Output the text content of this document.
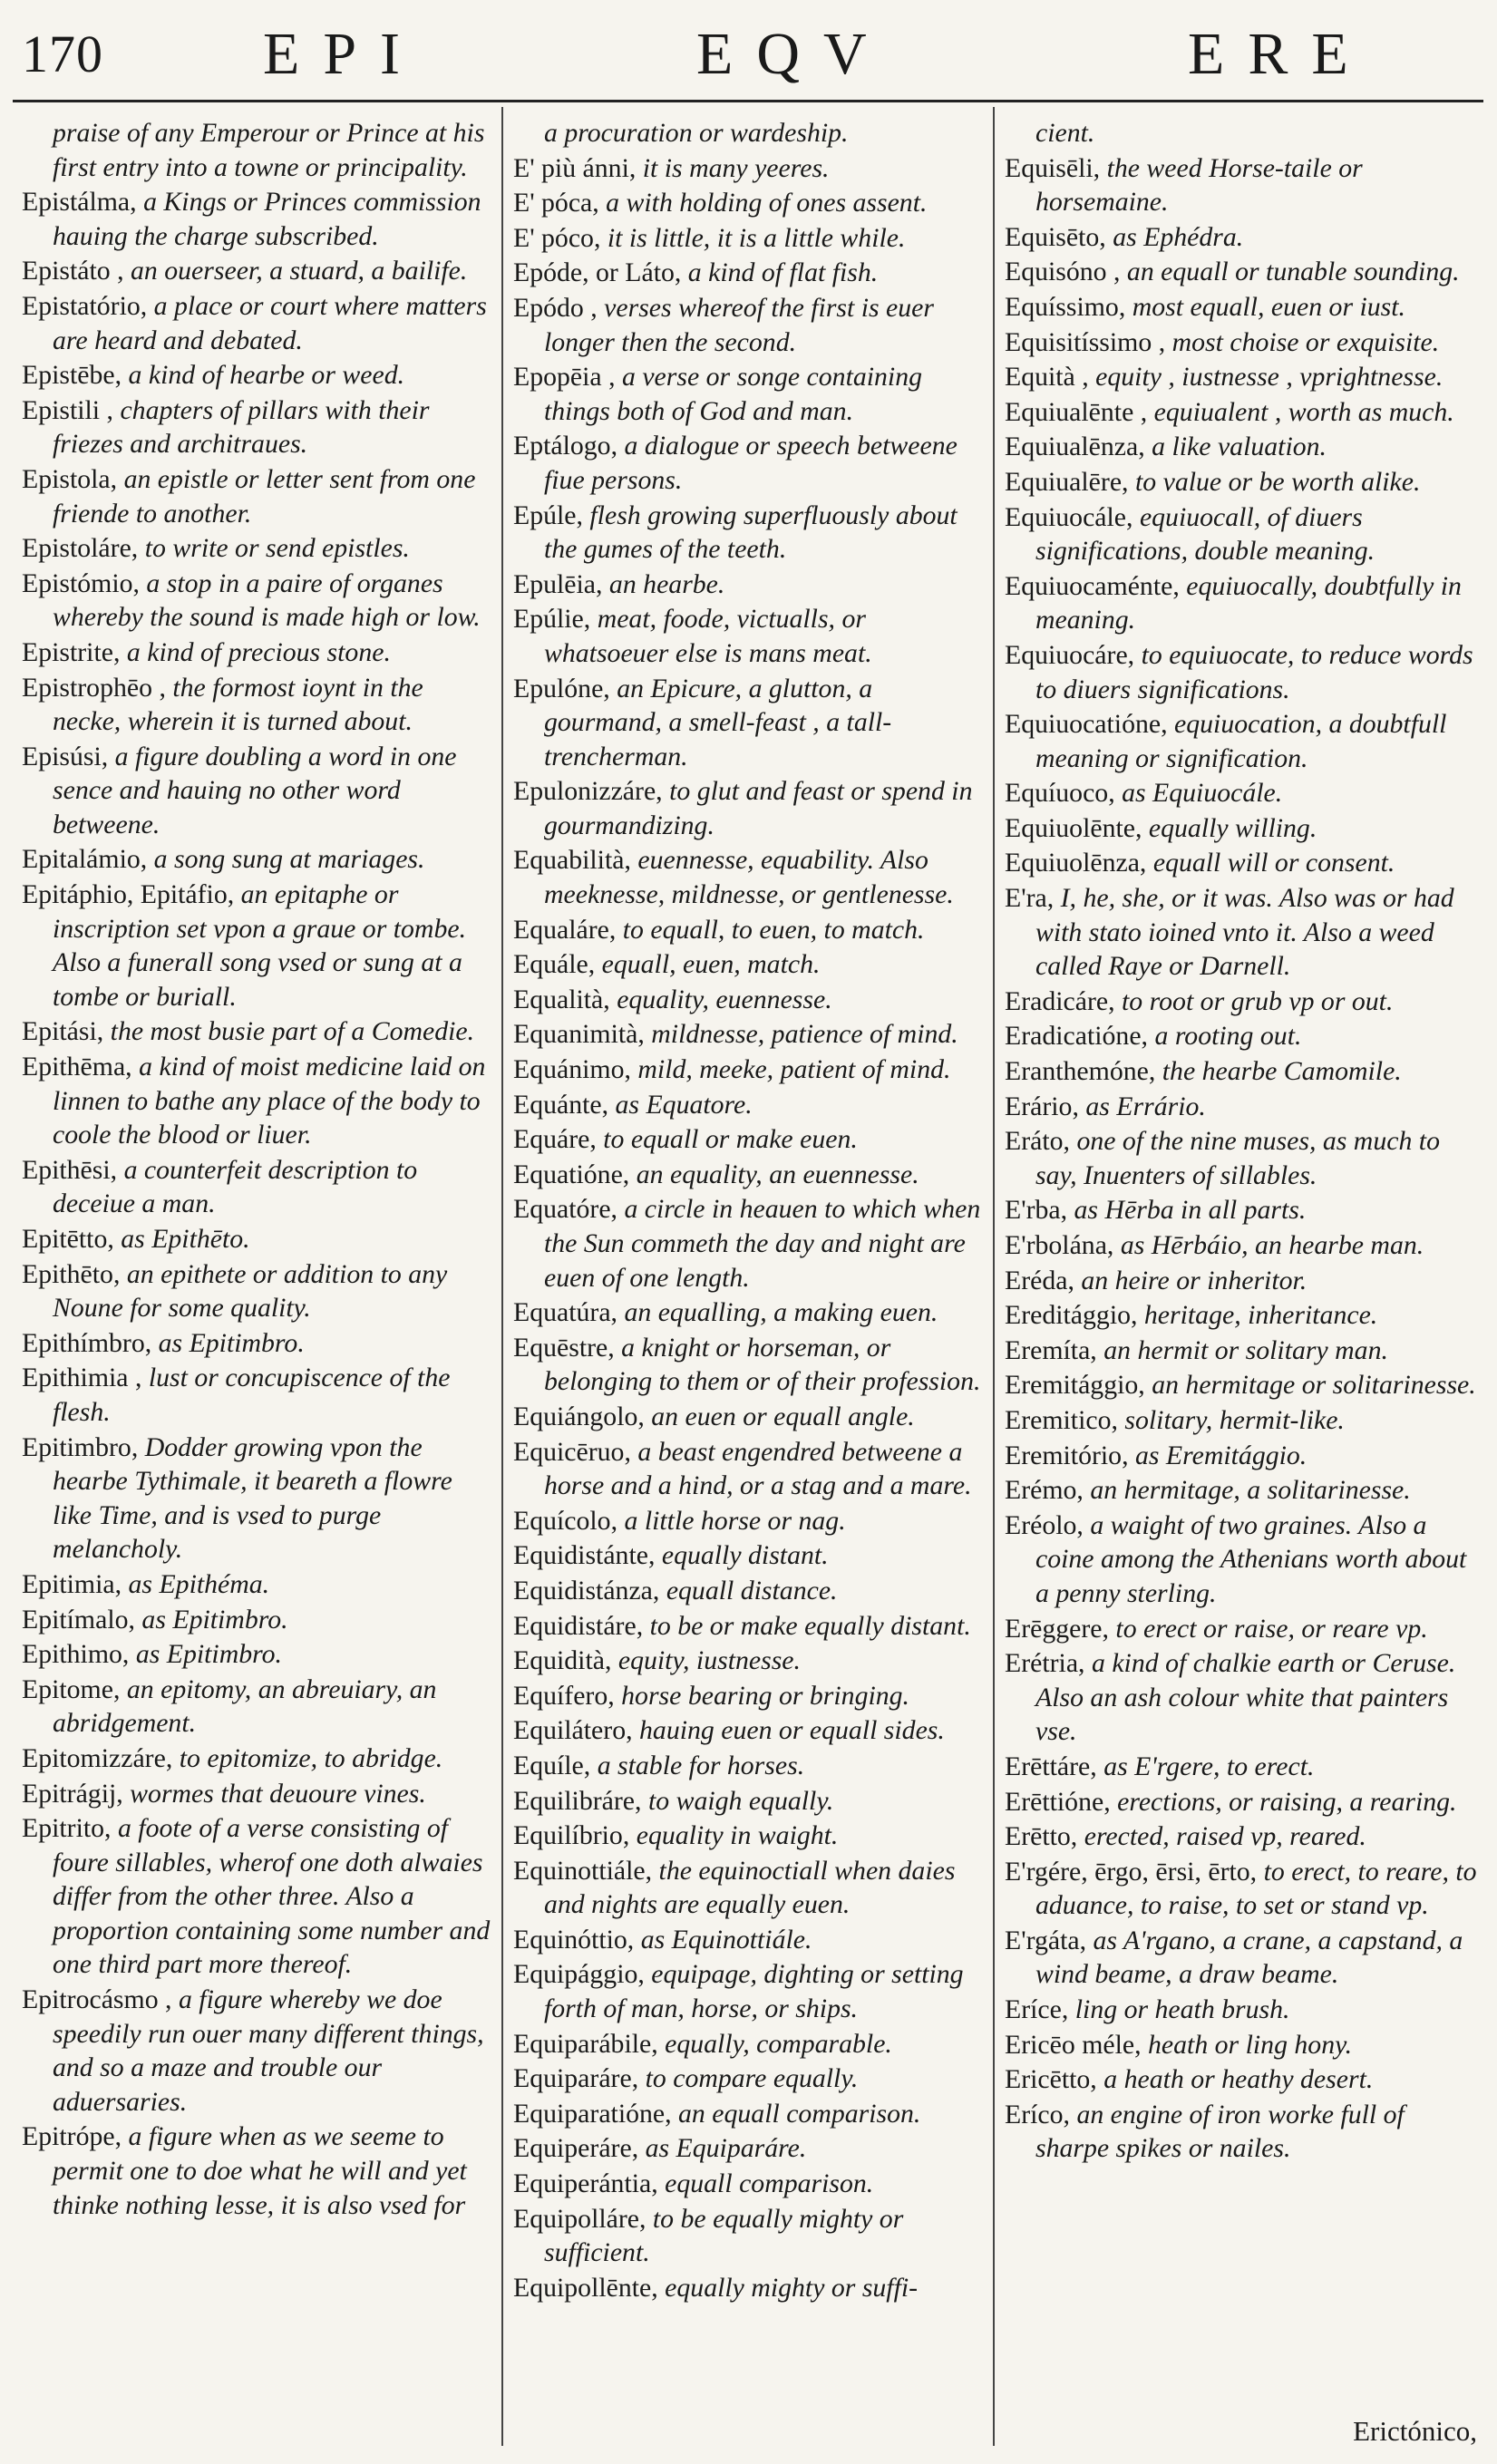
170	EPI	EQV	ERE
praise of any Emperour or Prince at his first entry into a towne or principality.
Epistálma, a Kings or Princes commission hauing the charge subscribed.
Epistáto , an ouerseer, a stuard, a bailife.
Epistatório, a place or court where matters are heard and debated.
Epistēbe, a kind of hearbe or weed.
Epistili , chapters of pillars with their friezes and architraues.
Epistola, an epistle or letter sent from one friende to another.
Epistoláre, to write or send epistles.
Epistómio, a stop in a paire of organes whereby the sound is made high or low.
Epistrite, a kind of precious stone.
Epistrophēo , the formost ioynt in the necke, wherein it is turned about.
Episúsi, a figure doubling a word in one sence and hauing no other word betweene.
Epitalámio, a song sung at mariages.
Epitáphio, Epitáfio, an epitaphe or inscription set vpon a graue or tombe. Also a funerall song vsed or sung at a tombe or buriall.
Epitási, the most busie part of a Comedie.
Epithēma, a kind of moist medicine laid on linnen to bathe any place of the body to coole the blood or liuer.
Epithēsi, a counterfeit description to deceiue a man.
Epitētto, as Epithēto.
Epithēto, an epithete or addition to any Noune for some quality.
Epithímbro, as Epitimbro.
Epithimia , lust or concupiscence of the flesh.
Epitimbro, Dodder growing vpon the hearbe Tythimale, it beareth a flowre like Time, and is vsed to purge melancholy.
Epitimia, as Epithéma.
Epitímalo, as Epitimbro.
Epithimo, as Epitimbro.
Epitome, an epitomy, an abreuiary, an abridgement.
Epitomizzáre, to epitomize, to abridge.
Epitrágij, wormes that deuoure vines.
Epitrito, a foote of a verse consisting of foure sillables, wherof one doth alwaies differ from the other three. Also a proportion containing some number and one third part more thereof.
Epitrocásmo , a figure whereby we doe speedily run ouer many different things, and so a maze and trouble our aduersaries.
Epitrópe, a figure when as we seeme to permit one to doe what he will and yet thinke nothing lesse, it is also vsed for
a procuration or wardeship.
E' più ánni, it is many yeeres.
E' póca, a with holding of ones assent.
E' póco, it is little, it is a little while.
Epóde, or Láto, a kind of flat fish.
Epódo , verses whereof the first is euer longer then the second.
Epopēia , a verse or songe containing things both of God and man.
Eptálogo, a dialogue or speech betweene fiue persons.
Epúle, flesh growing superfluously about the gumes of the teeth.
Epulēia, an hearbe.
Epúlie, meat, foode, victualls, or whatsoeuer else is mans meat.
Epulóne, an Epicure, a glutton, a gourmand, a smell-feast , a tall-trencherman.
Epulonizzáre, to glut and feast or spend in gourmandizing.
Equabilità, euennesse, equability. Also meeknesse, mildnesse, or gentlenesse.
Equaláre, to equall, to euen, to match.
Equále, equall, euen, match.
Equalità, equality, euennesse.
Equanimità, mildnesse, patience of mind.
Equánimo, mild, meeke, patient of mind.
Equánte, as Equatore.
Equáre, to equall or make euen.
Equatióne, an equality, an euennesse.
Equatóre, a circle in heauen to which when the Sun commeth the day and night are euen of one length.
Equatúra, an equalling, a making euen.
Equēstre, a knight or horseman, or belonging to them or of their profession.
Equiángolo, an euen or equall angle.
Equicēruo, a beast engendred betweene a horse and a hind, or a stag and a mare.
Equícolo, a little horse or nag.
Equidistánte, equally distant.
Equidistánza, equall distance.
Equidistáre, to be or make equally distant.
Equidità, equity, iustnesse.
Equífero, horse bearing or bringing.
Equilátero, hauing euen or equall sides.
Equíle, a stable for horses.
Equilibráre, to waigh equally.
Equilíbrio, equality in waight.
Equinottiále, the equinoctiall when daies and nights are equally euen.
Equinóttio, as Equinottiále.
Equipággio, equipage, dighting or setting forth of man, horse, or ships.
Equiparábile, equally, comparable.
Equiparáre, to compare equally.
Equiparatióne, an equall comparison.
Equiperáre, as Equiparáre.
Equiperántia, equall comparison.
Equipolláre, to be equally mighty or sufficient.
Equipollēnte, equally mighty or suffi-
cient.
Equisēli, the weed Horse-taile or horsemaine.
Equisēto, as Ephédra.
Equisóno , an equall or tunable sounding.
Equíssimo, most equall, euen or iust.
Equisitíssimo , most choise or exquisite.
Equità , equity , iustnesse , vprightnesse.
Equiualēnte , equiualent , worth as much.
Equiualēnza, a like valuation.
Equiualēre, to value or be worth alike.
Equiuocále, equiuocall, of diuers significations, double meaning.
Equiuocaménte, equiuocally, doubtfully in meaning.
Equiuocáre, to equiuocate, to reduce words to diuers significations.
Equiuocatióne, equiuocation, a doubtfull meaning or signification.
Equíuoco, as Equiuocále.
Equiuolēnte, equally willing.
Equiuolēnza, equall will or consent.
E'ra, I, he, she, or it was. Also was or had with stato ioined vnto it. Also a weed called Raye or Darnell.
Eradicáre, to root or grub vp or out.
Eradicatióne, a rooting out.
Eranthemóne, the hearbe Camomile.
Erário, as Errário.
Eráto, one of the nine muses, as much to say, Inuenters of sillables.
E'rba, as Hērba in all parts.
E'rbolána, as Hērbáio, an hearbe man.
Eréda, an heire or inheritor.
Ereditággio, heritage, inheritance.
Eremíta, an hermit or solitary man.
Eremitággio, an hermitage or solitarinesse.
Eremitico, solitary, hermit-like.
Eremitório, as Eremitággio.
Erémo, an hermitage, a solitarinesse.
Eréolo, a waight of two graines. Also a coine among the Athenians worth about a penny sterling.
Erēggere, to erect or raise, or reare vp.
Erétria, a kind of chalkie earth or Ceruse. Also an ash colour white that painters vse.
Erēttáre, as E'rgere, to erect.
Erēttióne, erections, or raising, a rearing.
Erētto, erected, raised vp, reared.
E'rgére, ērgo, ērsi, ērto, to erect, to reare, to aduance, to raise, to set or stand vp.
E'rgáta, as A'rgano, a crane, a capstand, a wind beame, a draw beame.
Eríce, ling or heath brush.
Ericēo méle, heath or ling hony.
Ericētto, a heath or heathy desert.
Eríco, an engine of iron worke full of sharpe spikes or nailes.
Erictónico,
